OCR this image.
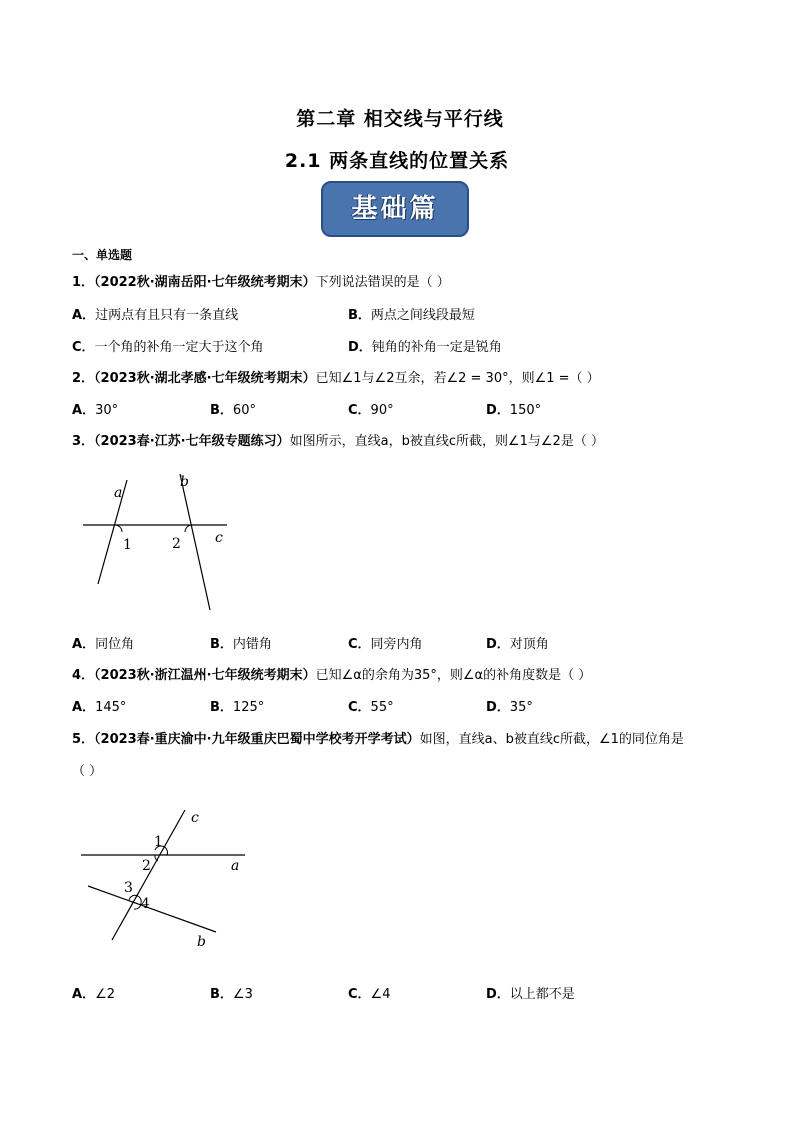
第二章 相交线与平行线
2.1 两条直线的位置关系
基础篇
一、单选题
1．（2022秋·湖南岳阳·七年级统考期末）下列说法错误的是（ ）
A．过两点有且只有一条直线	B．两点之间线段最短
C．一个角的补角一定大于这个角	D．钝角的补角一定是锐角
2．（2023秋·湖北孝感·七年级统考期末）已知∠1与∠2互余，若∠2 = 30°，则∠1 =（ ）
A．30°	B．60°	C．90°	D．150°
3．（2023春·江苏·七年级专题练习）如图所示，直线a，b被直线c所截，则∠1与∠2是（ ）
a
b
c
1	2
A．同位角	B．内错角	C．同旁内角	D．对顶角
4．（2023秋·浙江温州·七年级统考期末）已知∠α的余角为35°，则∠α的补角度数是（ ）
A．145°	B．125°	C．55°	D．35°
5．（2023春·重庆渝中·九年级重庆巴蜀中学校考开学考试）如图，直线a、b被直线c所截，∠1的同位角是
（ ）
1
2
3
4
a
b
c
A．∠2	B．∠3	C．∠4	D．以上都不是
